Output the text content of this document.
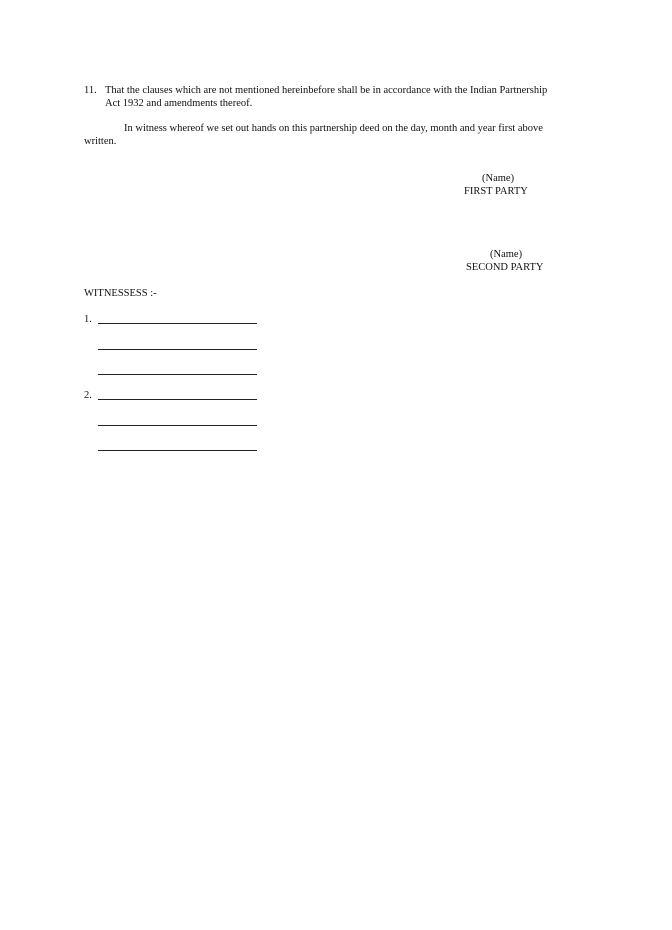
11. That the clauses which are not mentioned hereinbefore shall be in accordance with the Indian Partnership
Act 1932 and amendments thereof.
In witness whereof we set out hands on this partnership deed on the day, month and year first above
written.
(Name)
FIRST PARTY
(Name)
SECOND PARTY
WITNESSESS :-
1.
2.
